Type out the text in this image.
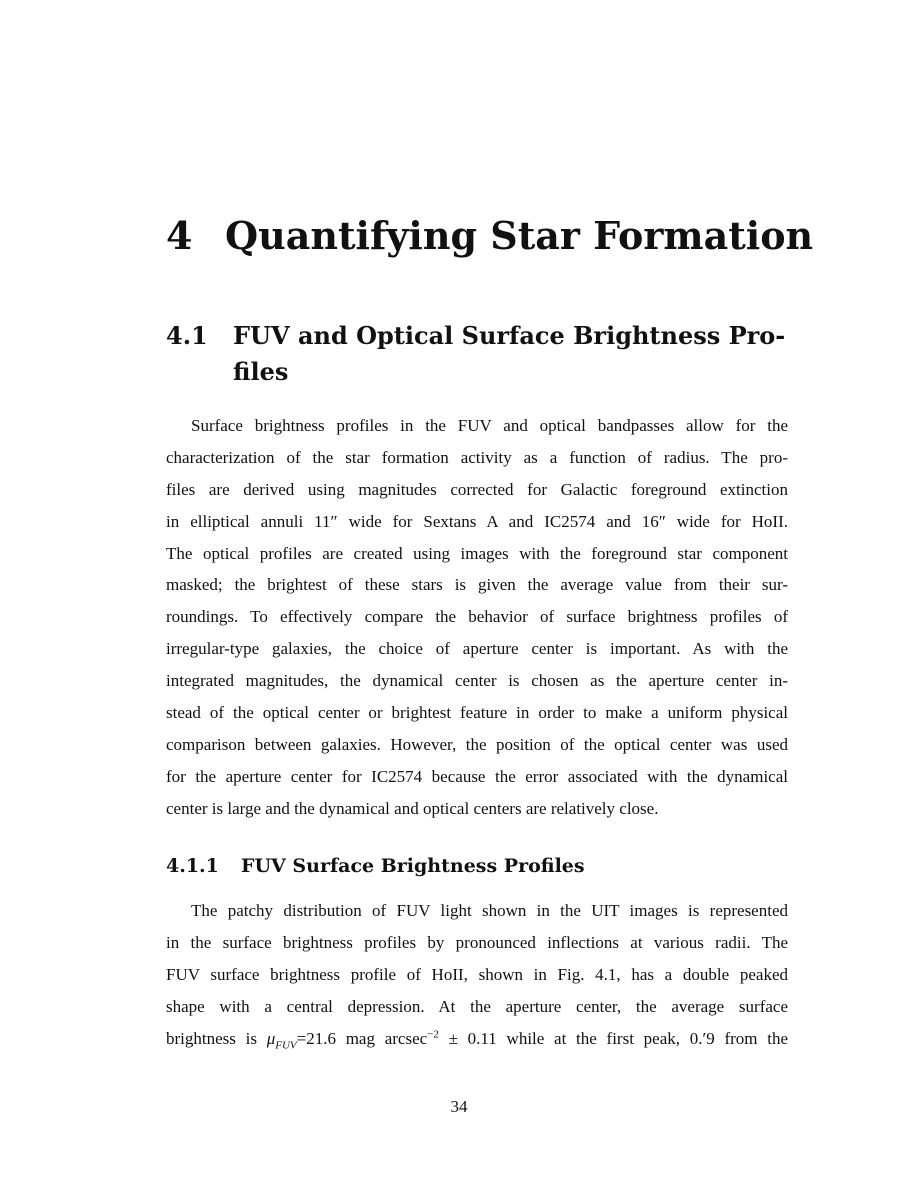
4 Quantifying Star Formation
4.1	FUV and Optical Surface Brightness Pro-
files
Surface brightness profiles in the FUV and optical bandpasses allow for the
characterization of the star formation activity as a function of radius. The pro-
files are derived using magnitudes corrected for Galactic foreground extinction
in elliptical annuli 11″ wide for Sextans A and IC2574 and 16″ wide for HoII.
The optical profiles are created using images with the foreground star component
masked; the brightest of these stars is given the average value from their sur-
roundings. To effectively compare the behavior of surface brightness profiles of
irregular-type galaxies, the choice of aperture center is important. As with the
integrated magnitudes, the dynamical center is chosen as the aperture center in-
stead of the optical center or brightest feature in order to make a uniform physical
comparison between galaxies. However, the position of the optical center was used
for the aperture center for IC2574 because the error associated with the dynamical
center is large and the dynamical and optical centers are relatively close.
4.1.1 FUV Surface Brightness Profiles
The patchy distribution of FUV light shown in the UIT images is represented
in the surface brightness profiles by pronounced inflections at various radii. The
FUV surface brightness profile of HoII, shown in Fig. 4.1, has a double peaked
shape with a central depression. At the aperture center, the average surface
brightness is $\mu_{FUV}=21.6$ mag arcsec$^{-2}$ ± 0.11 while at the first peak, 0.′9 from the
34
